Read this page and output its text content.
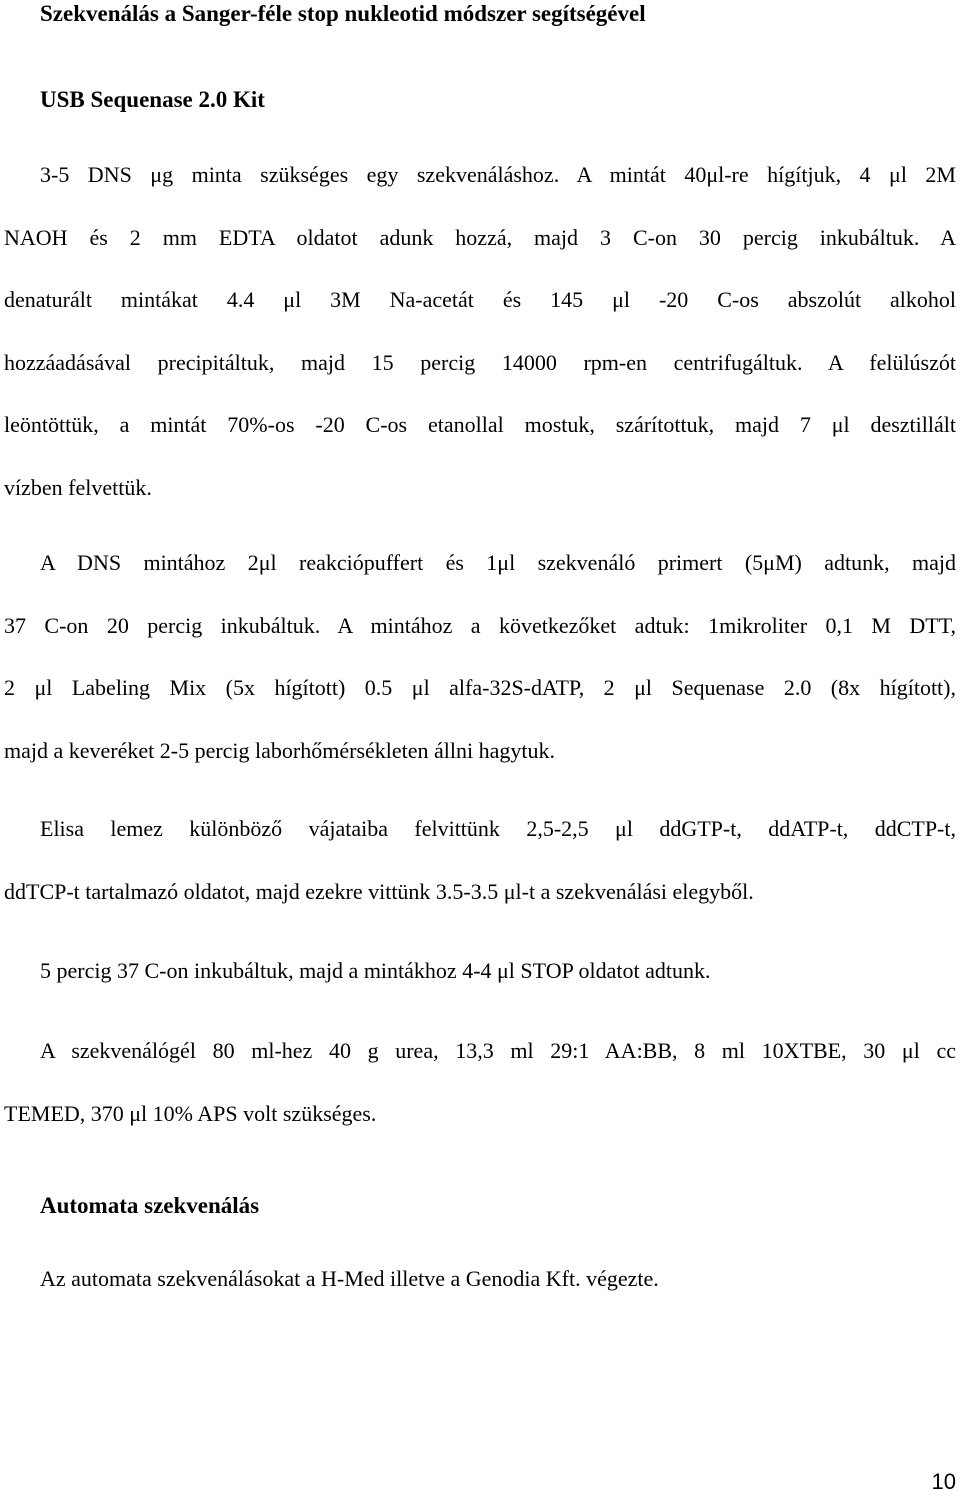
Szekvenálás a Sanger-féle stop nukleotid módszer segítségével
USB Sequenase 2.0 Kit

3-5 DNS μg minta szükséges egy szekvenáláshoz. A mintát 40μl-re hígítjuk, 4 μl 2M

NAOH és 2 mm EDTA oldatot adunk hozzá, majd 3 C-on 30 percig inkubáltuk. A
denaturált mintákat 4.4 μl 3M Na-acetát és 145 μl -20 C-os abszolút alkohol
hozzáadásával precipitáltuk, majd 15 percig 14000 rpm-en centrifugáltuk. A felülúszót
leöntöttük, a mintát 70%-os -20 C-os etanollal mostuk, szárítottuk, majd 7 μl desztillált
vízben felvettük.

A DNS mintához 2μl reakciópuffert és 1μl szekvenáló primert (5μM) adtunk, majd

37 C-on 20 percig inkubáltuk. A mintához a következőket adtuk: 1mikroliter 0,1 M DTT,
2 μl Labeling Mix (5x hígított) 0.5 μl alfa-32S-dATP, 2 μl Sequenase 2.0 (8x hígított),
majd a keveréket 2-5 percig laborhőmérsékleten állni hagytuk.

Elisa lemez különböző vájataiba felvittünk 2,5-2,5 μl ddGTP-t, ddATP-t, ddCTP-t,

ddTCP-t tartalmazó oldatot, majd ezekre vittünk 3.5-3.5 μl-t a szekvenálási elegyből.

5 percig 37 C-on inkubáltuk, majd a mintákhoz 4-4 μl STOP oldatot adtunk.

A szekvenálógél 80 ml-hez 40 g urea, 13,3 ml 29:1 AA:BB, 8 ml 10XTBE, 30 μl cc

TEMED, 370 μl 10% APS volt szükséges.

Automata szekvenálás

Az automata szekvenálásokat a H-Med illetve a Genodia Kft. végezte.

10
